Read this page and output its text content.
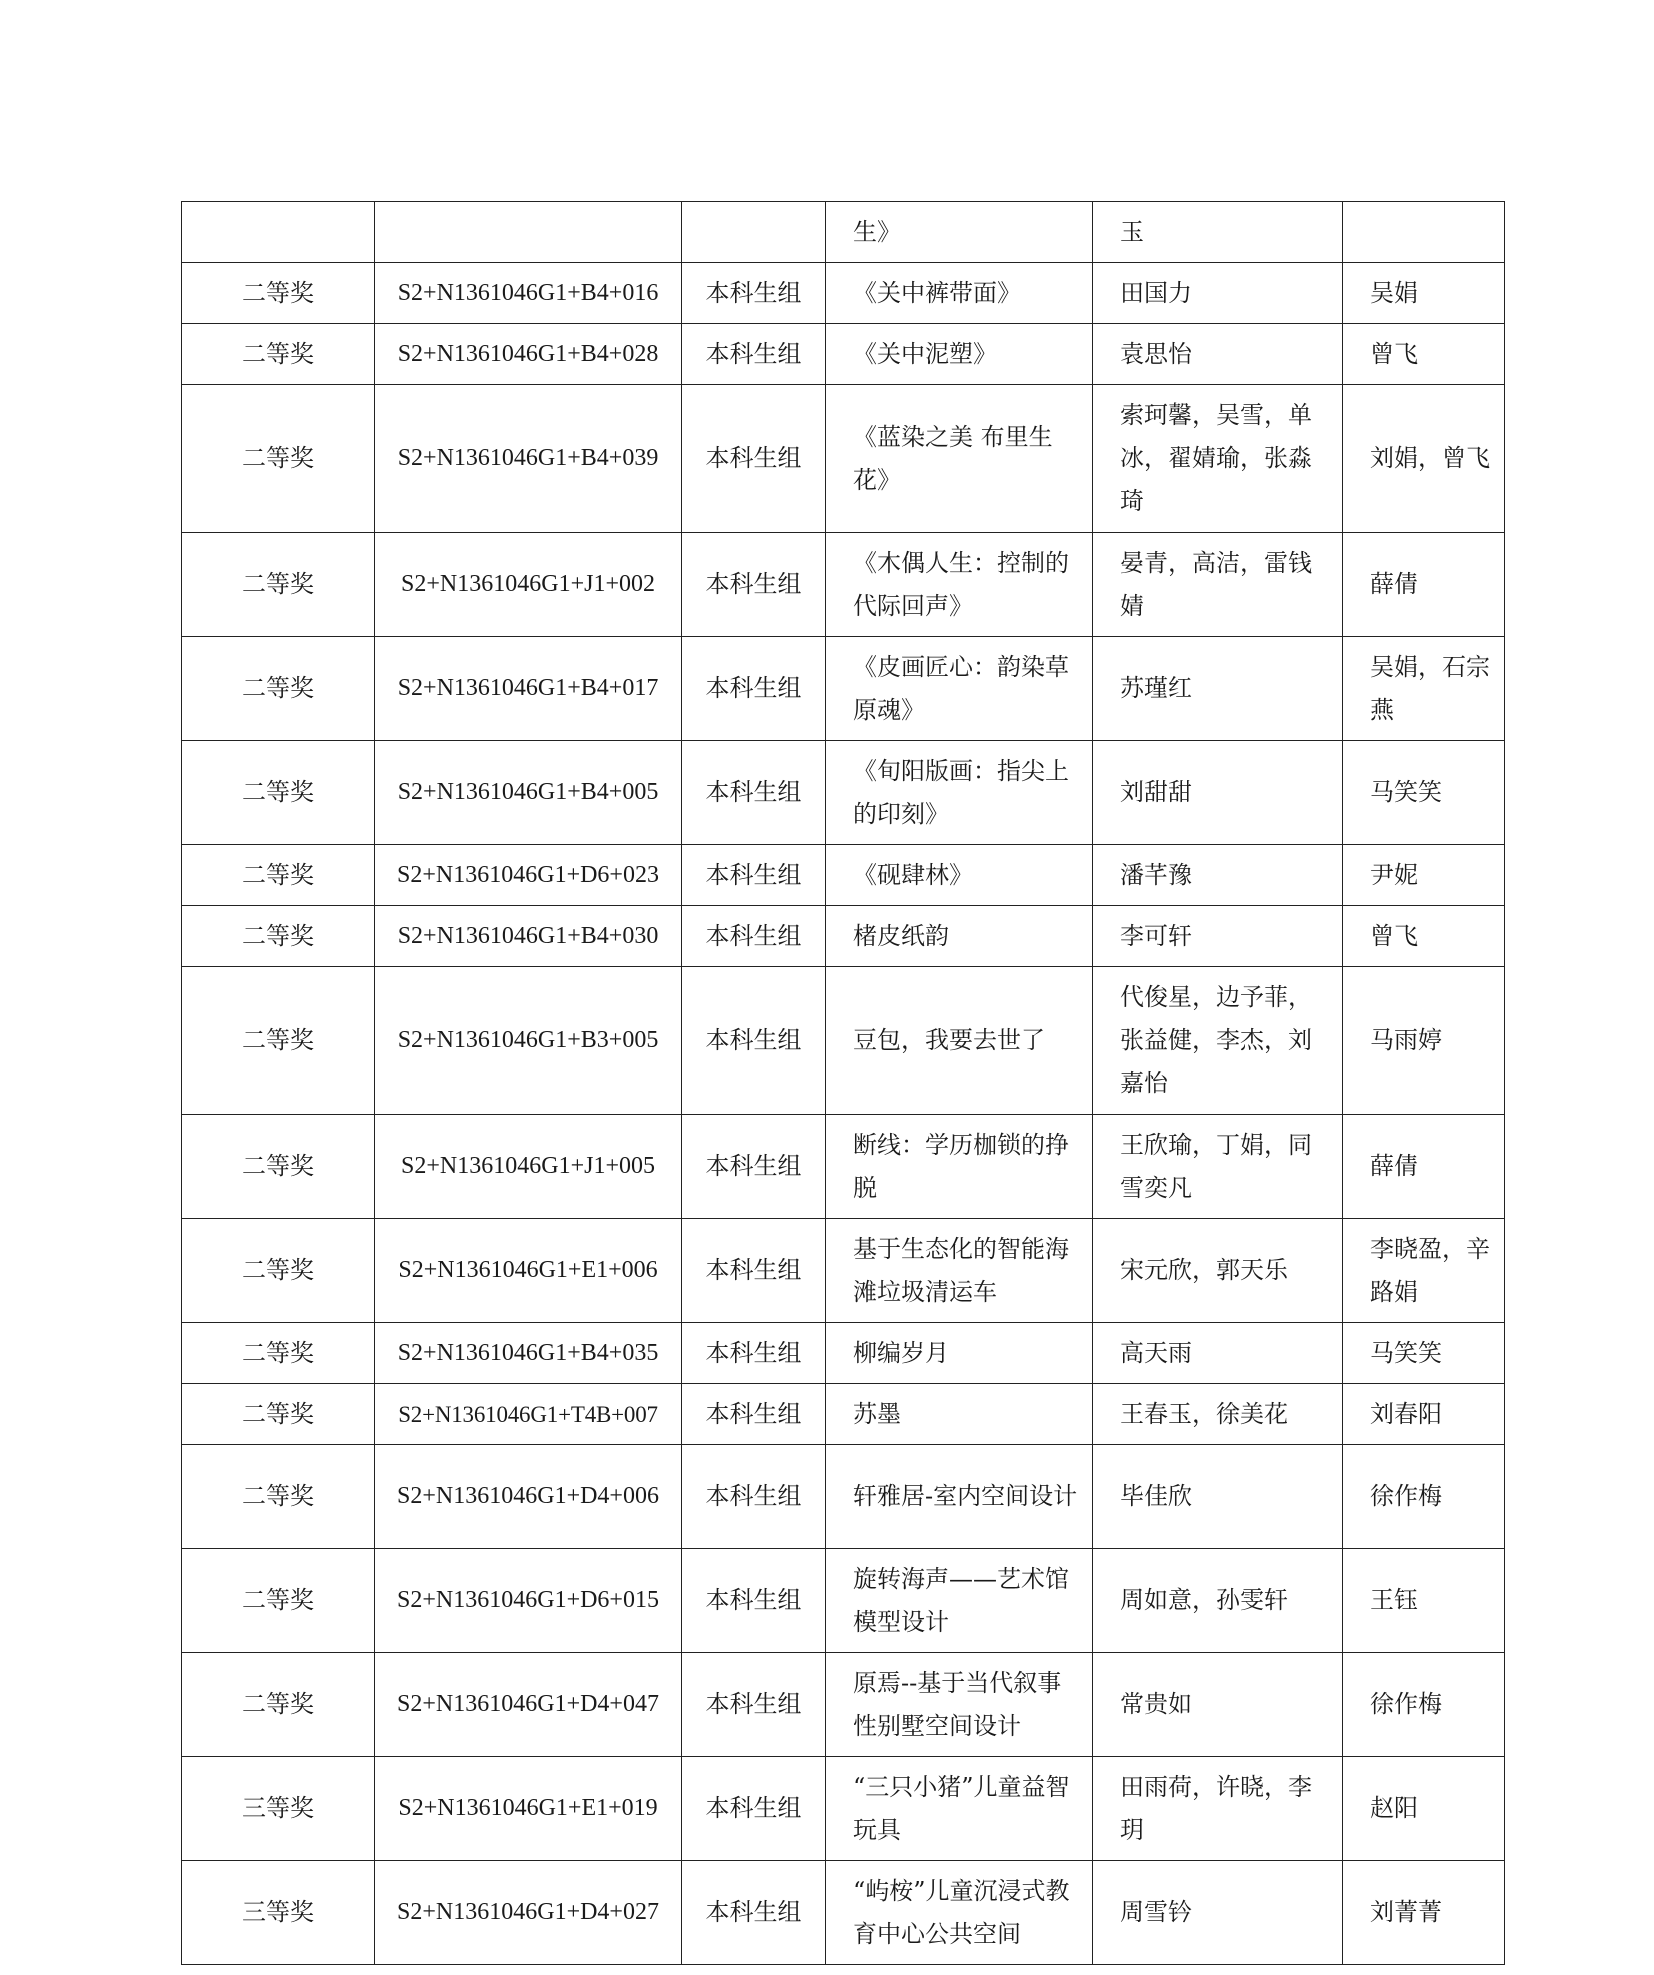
			生》	玉	
二等奖	S2+N1361046G1+B4+016	本科生组	《关中裤带面》	田国力	吴娟
二等奖	S2+N1361046G1+B4+028	本科生组	《关中泥塑》	袁思怡	曾飞
二等奖	S2+N1361046G1+B4+039	本科生组	《蓝染之美 布里生花》	索珂馨，吴雪，单冰，翟婧瑜，张淼琦	刘娟，曾飞
二等奖	S2+N1361046G1+J1+002	本科生组	《木偶人生：控制的代际回声》	晏青，高洁，雷钱婧	薛倩
二等奖	S2+N1361046G1+B4+017	本科生组	《皮画匠心：韵染草原魂》	苏瑾红	吴娟，石宗燕
二等奖	S2+N1361046G1+B4+005	本科生组	《旬阳版画：指尖上的印刻》	刘甜甜	马笑笑
二等奖	S2+N1361046G1+D6+023	本科生组	《砚肆林》	潘芊豫	尹妮
二等奖	S2+N1361046G1+B4+030	本科生组	楮皮纸韵	李可轩	曾飞
二等奖	S2+N1361046G1+B3+005	本科生组	豆包，我要去世了	代俊星，边予菲，张益健，李杰，刘嘉怡	马雨婷
二等奖	S2+N1361046G1+J1+005	本科生组	断线：学历枷锁的挣脱	王欣瑜，丁娟，同雪奕凡	薛倩
二等奖	S2+N1361046G1+E1+006	本科生组	基于生态化的智能海滩垃圾清运车	宋元欣，郭天乐	李晓盈，辛路娟
二等奖	S2+N1361046G1+B4+035	本科生组	柳编岁月	高天雨	马笑笑
二等奖	S2+N1361046G1+T4B+007	本科生组	苏墨	王春玉，徐美花	刘春阳
二等奖	S2+N1361046G1+D4+006	本科生组	轩雅居-室内空间设计	毕佳欣	徐作梅
二等奖	S2+N1361046G1+D6+015	本科生组	旋转海声——艺术馆模型设计	周如意，孙雯轩	王钰
二等奖	S2+N1361046G1+D4+047	本科生组	原焉--基于当代叙事性别墅空间设计	常贵如	徐作梅
三等奖	S2+N1361046G1+E1+019	本科生组	“三只小猪”儿童益智玩具	田雨荷，许晓，李玥	赵阳
三等奖	S2+N1361046G1+D4+027	本科生组	“屿桉”儿童沉浸式教育中心公共空间	周雪钤	刘菁菁
